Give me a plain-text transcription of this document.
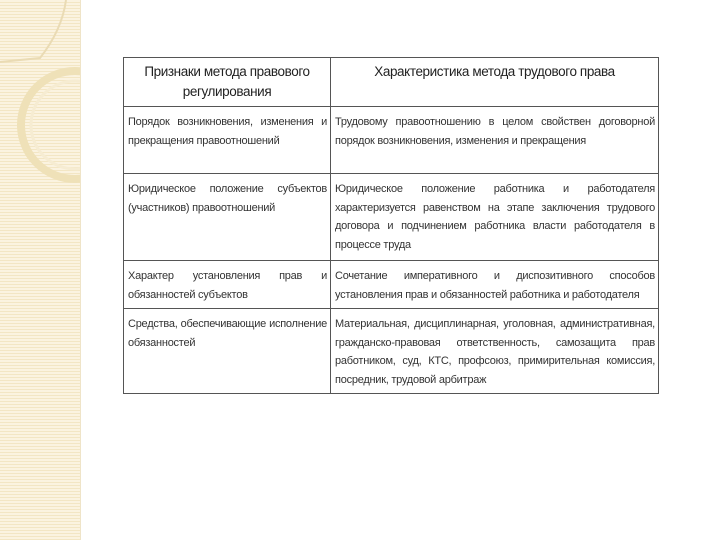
Признаки метода правового регулирования	Характеристика метода трудового права
Порядок возникновения, изменения и прекращения правоотношений	Трудовому правоотношению в целом свойствен договорной порядок возникновения, изменения и прекращения
Юридическое положение субъектов (участников) правоотношений	Юридическое положение работника и работодателя характеризуется равенством на этапе заключения трудового договора и подчинением работника власти работодателя в процессе труда
Характер установления прав и обязанностей субъектов	Сочетание императивного и диспозитивного способов установления прав и обязанностей работника и работодателя
Средства, обеспечивающие исполнение обязанностей	Материальная, дисциплинарная, уголовная, административная, гражданско-правовая ответственность, самозащита прав работником, суд, КТС, профсоюз, примирительная комиссия, посредник, трудовой арбитраж
